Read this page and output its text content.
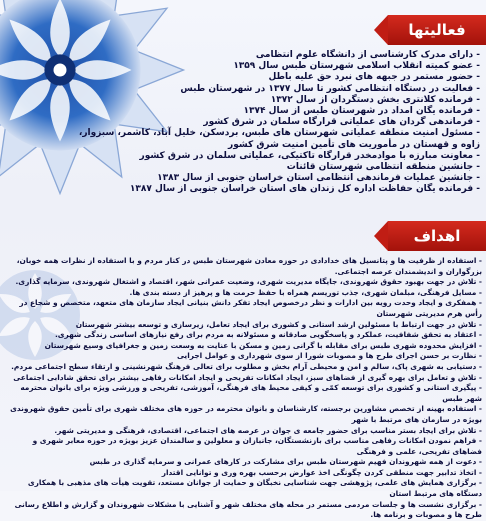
فعالیتها
- دارای مدرک کارشناسی از دانشگاه علوم انتظامی
- عضو کمیته انقلاب اسلامی شهرستان طبس سال ۱۳۵۹
- حضور مستمر در جبهه های نبرد حق علیه باطل
- فعالیت در دستگاه انتظامی کشور تا سال ۱۳۷۷ در شهرستان طبس
- فرمانده کلانتری بخش دستگردان از سال ۱۳۷۲
- فرمانده یگان امداد در شهرستان طبس از سال ۱۳۷۴
- فرماندهی گردان های عملیاتی قرارگاه سلمان در شرق کشور
- مسئول امنیت منطقه عملیاتی شهرستان های طبس، بردسکن، خلیل آباد، کاشمر، سبزوار،
زاوه و قهستان در مأموریت های تأمین امنیت شرق کشور
- معاونت مبارزه با موادمخدر قرارگاه تاکتیکی، عملیاتی سلمان در شرق کشور
- جانشین منطقه انتظامی شهرستان قائنات
- جانشین عملیات فرماندهی انتظامی استان خراسان جنوبی از سال ۱۳۸۳
- فرمانده یگان حفاظت اداره کل زندان های استان خراسان جنوبی از سال ۱۳۸۷
اهداف
- استفاده از ظرفیت ها و پتانسیل های خدادادی در حوزه معادن شهرستان طبس در کنار مردم و با استفاده از نظرات همه خوبان، بزرگواران و اندیشمندان عرصه اجتماعی.
- تلاش در جهت بهبود حقوق شهروندی، جایگاه مدیریت شهری، وضعیت عمرانی شهر، اقتصاد و اشتغال شهروندی، سرمایه گذاری.
- مسایل فرهنگی، مبلمان شهری، جذب توریسم همراه با حفظ حرمت ها و پرهیز از دسته بندی ها.
- همفکری و ایجاد وحدت رویه بین ادارات و نظر درخصوص ایجاد تفکر دانش بنیانی ایجاد سازمان های متعهد، متخصص و شجاع در رأس هرم مدیریتی شهرستان
- تلاش در جهت ارتباط با مسئولین ارشد استانی و کشوری برای ایجاد تعامل، زیرسازی و توسعه بیشتر شهرستان
- اعتقاد به تحقق شفافیت، عملکرد و پاسخگویی صادقانه و مسئولانه به مردم برای رفع نیازهای اساسی زندگی شهری.
- افزایش محدوده شهری طبس برای مقابله با گرانی زمین و مسکن با عنایت به وسعت زمین و جغرافیای وسیع شهرستان
- نظارت بر حسن اجرای طرح ها و مصوبات شورا از سوی شهرداری و عوامل اجرایی
- دستیابی به شهری پاک، سالم و امن و محیطی آرام بخش و مطلوب برای تعالی فرهنگ شهرنشینی و ارتقاء سطح اجتماعی مردم.
- تلاش و تعامل برای بهره گیری از فضاهای سبز، ایجاد امکانات تفریحی و ایجاد امکانات رفاهی بیشتر برای تحقق شادابی اجتماعی
- پیگیری استانی و کشوری برای توسعه کمّی و کیفی محیط های فرهنگی، آموزشی، تفریحی و ورزشی ویژه برای بانوان محترمه شهر طبس
- استفاده بهینه از تخصص مشاورین برجسته، کارشناسان و بانوان محترمه در حوزه های مختلف شهری برای تأمین حقوق شهروندی بویژه در سازمان های مرتبط با شهر
- تلاش برای ایجاد بستر مناسب برای حضور جامعه ی جوان در عرصه های اجتماعی، اقتصادی، فرهنگی و مدیریتی شهر.
- فراهم نمودن امکانات رفاهی مناسب برای بازنشستگان، جانبازان و معلولین و سالمندان عزیز بویژه در حوزه معابر شهری و فضاهای تفریحی، علمی و فرهنگی
- دعوت از همه شهروندان فهیم شهرستان طبس برای مشارکت در کارهای عمرانی و سرمایه گذاری در طبس
- اتخاذ تدابیر جهت منطقی کردن چگونگی اخذ عوارض برحسب بهره وری و توانایی اقتدار
- برگزاری همایش های علمی، پژوهشی جهت شناسایی نخبگان و حمایت از جوانان مستعد، تقویت هیأت های مذهبی با همکاری دستگاه های مرتبط استان
- برگزاری نشست ها و جلسات مردمی مستمر در محله های مختلف شهر و آشنایی با مشکلات شهروندان و گزارش و اطلاع رسانی طرح ها و مصوبات و برنامه ها.
